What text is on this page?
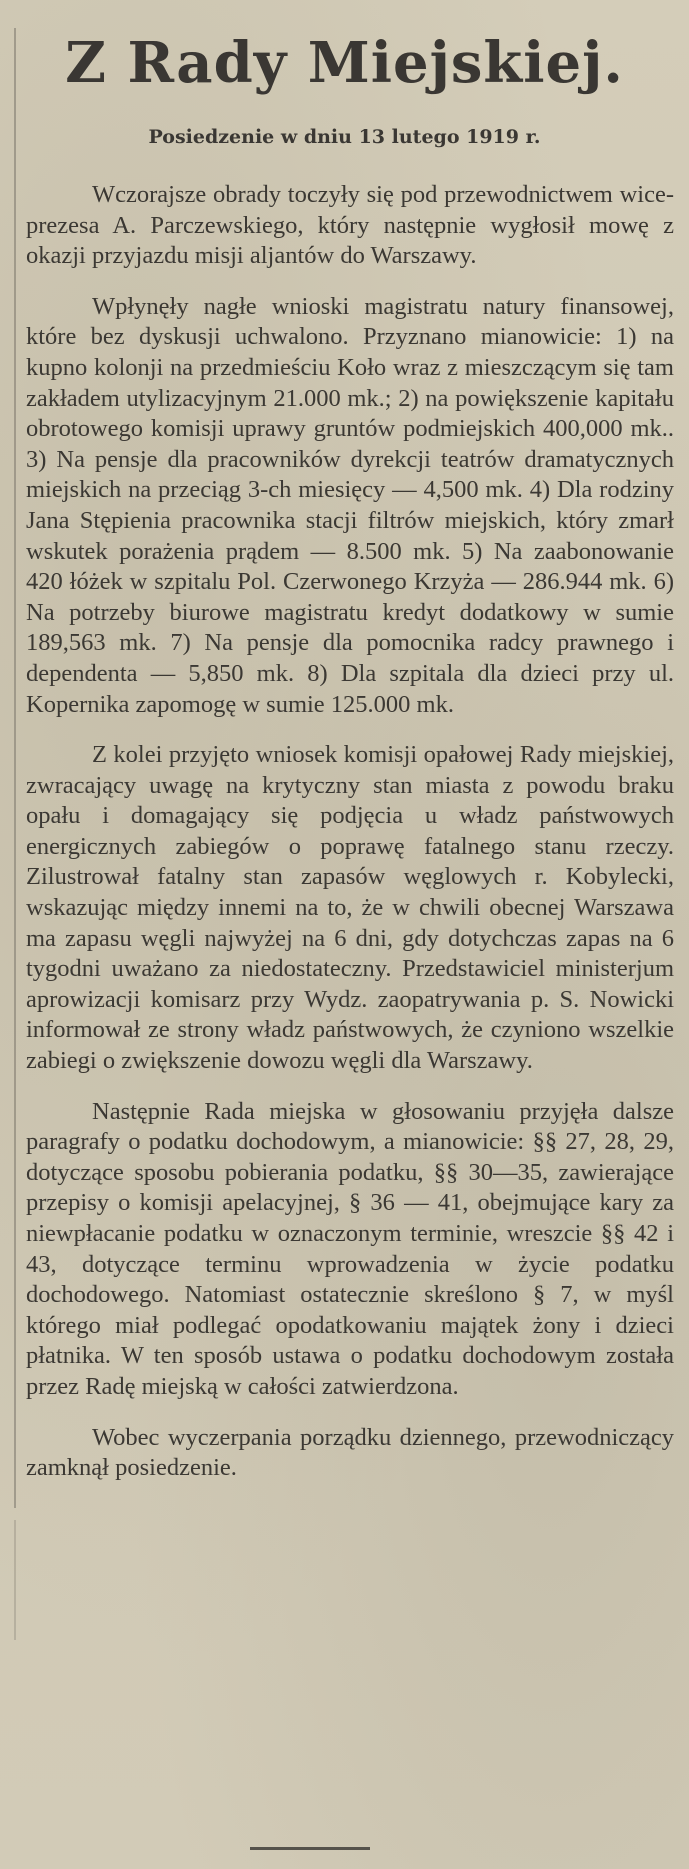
Z Rady Miejskiej.
Posiedzenie w dniu 13 lutego 1919 r.

Wczorajsze obrady toczyły się pod przewodnictwem wice-prezesa A. Parczewskiego, który następnie wygłosił mowę z okazji przyjazdu misji aljantów do Warszawy.

Wpłynęły nagłe wnioski magistratu natury finansowej, które bez dyskusji uchwalono. Przyznano mianowicie: 1) na kupno kolonji na przedmieściu Koło wraz z mieszczącym się tam zakładem utylizacyjnym 21.000 mk.; 2) na powiększenie kapitału obrotowego komisji uprawy gruntów podmiejskich 400,000 mk.. 3) Na pensje dla pracowników dyrekcji teatrów dramatycznych miejskich na przeciąg 3-ch miesięcy — 4,500 mk. 4) Dla rodziny Jana Stępienia pracownika stacji filtrów miejskich, który zmarł wskutek porażenia prądem — 8.500 mk. 5) Na zaabonowanie 420 łóżek w szpitalu Pol. Czerwonego Krzyża — 286.944 mk. 6) Na potrzeby biurowe magistratu kredyt dodatkowy w sumie 189,563 mk. 7) Na pensje dla pomocnika radcy prawnego i dependenta — 5,850 mk. 8) Dla szpitala dla dzieci przy ul. Kopernika zapomogę w sumie 125.000 mk.

Z kolei przyjęto wniosek komisji opałowej Rady miejskiej, zwracający uwagę na krytyczny stan miasta z powodu braku opału i domagający się podjęcia u władz państwowych energicznych zabiegów o poprawę fatalnego stanu rzeczy. Zilustrował fatalny stan zapasów węglowych r. Kobylecki, wskazując między innemi na to, że w chwili obecnej Warszawa ma zapasu węgli najwyżej na 6 dni, gdy dotychczas zapas na 6 tygodni uważano za niedostateczny. Przedstawiciel ministerjum aprowizacji komisarz przy Wydz. zaopatrywania p. S. Nowicki informował ze strony władz państwowych, że czyniono wszelkie zabiegi o zwiększenie dowozu węgli dla Warszawy.

Następnie Rada miejska w głosowaniu przyjęła dalsze paragrafy o podatku dochodowym, a mianowicie: §§ 27, 28, 29, dotyczące sposobu pobierania podatku, §§ 30—35, zawierające przepisy o komisji apelacyjnej, § 36 — 41, obejmujące kary za niewpłacanie podatku w oznaczonym terminie, wreszcie §§ 42 i 43, dotyczące terminu wprowadzenia w życie podatku dochodowego. Natomiast ostatecznie skreślono § 7, w myśl którego miał podlegać opodatkowaniu majątek żony i dzieci płatnika. W ten sposób ustawa o podatku dochodowym została przez Radę miejską w całości zatwierdzona.

Wobec wyczerpania porządku dziennego, przewodniczący zamknął posiedzenie.
